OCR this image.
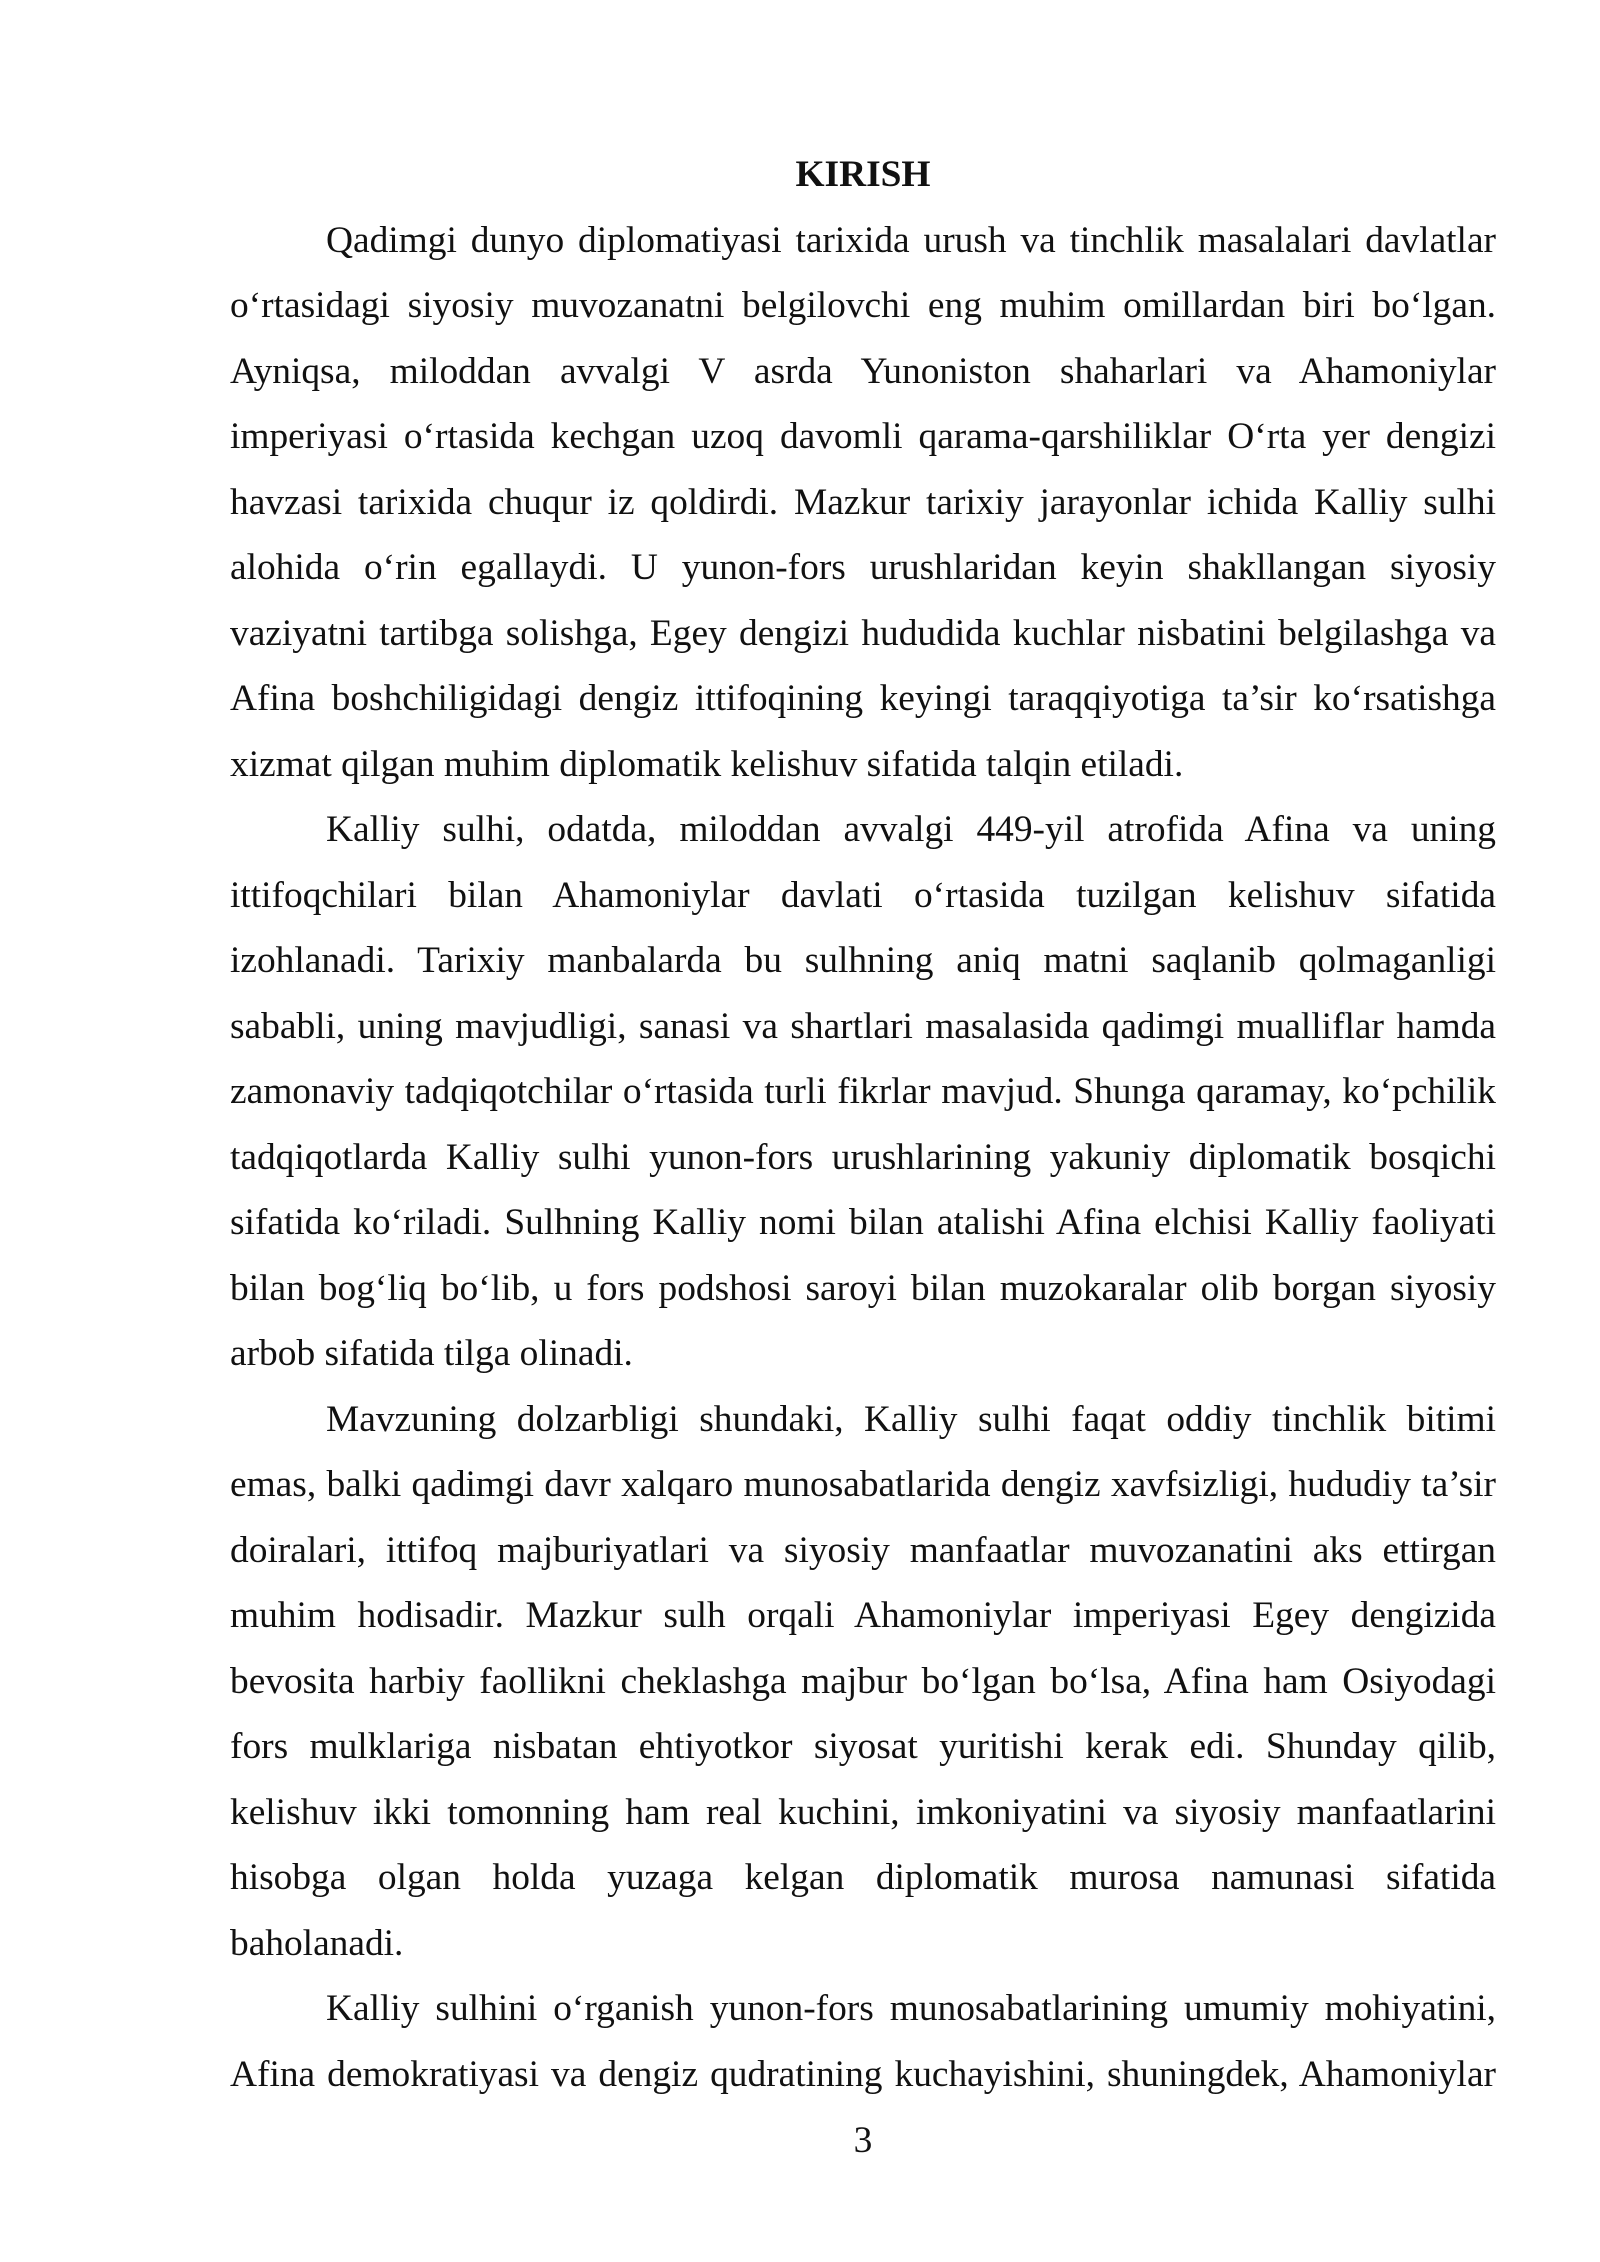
KIRISH
Qadimgi dunyo diplomatiyasi tarixida urush va tinchlik masalalari davlatlar
o‘rtasidagi siyosiy muvozanatni belgilovchi eng muhim omillardan biri bo‘lgan.
Ayniqsa, miloddan avvalgi V asrda Yunoniston shaharlari va Ahamoniylar
imperiyasi o‘rtasida kechgan uzoq davomli qarama-qarshiliklar O‘rta yer dengizi
havzasi tarixida chuqur iz qoldirdi. Mazkur tarixiy jarayonlar ichida Kalliy sulhi
alohida o‘rin egallaydi. U yunon-fors urushlaridan keyin shakllangan siyosiy
vaziyatni tartibga solishga, Egey dengizi hududida kuchlar nisbatini belgilashga va
Afina boshchiligidagi dengiz ittifoqining keyingi taraqqiyotiga ta’sir ko‘rsatishga
xizmat qilgan muhim diplomatik kelishuv sifatida talqin etiladi.
Kalliy sulhi, odatda, miloddan avvalgi 449-yil atrofida Afina va uning
ittifoqchilari bilan Ahamoniylar davlati o‘rtasida tuzilgan kelishuv sifatida
izohlanadi. Tarixiy manbalarda bu sulhning aniq matni saqlanib qolmaganligi
sababli, uning mavjudligi, sanasi va shartlari masalasida qadimgi mualliflar hamda
zamonaviy tadqiqotchilar o‘rtasida turli fikrlar mavjud. Shunga qaramay, ko‘pchilik
tadqiqotlarda Kalliy sulhi yunon-fors urushlarining yakuniy diplomatik bosqichi
sifatida ko‘riladi. Sulhning Kalliy nomi bilan atalishi Afina elchisi Kalliy faoliyati
bilan bog‘liq bo‘lib, u fors podshosi saroyi bilan muzokaralar olib borgan siyosiy
arbob sifatida tilga olinadi.
Mavzuning dolzarbligi shundaki, Kalliy sulhi faqat oddiy tinchlik bitimi
emas, balki qadimgi davr xalqaro munosabatlarida dengiz xavfsizligi, hududiy ta’sir
doiralari, ittifoq majburiyatlari va siyosiy manfaatlar muvozanatini aks ettirgan
muhim hodisadir. Mazkur sulh orqali Ahamoniylar imperiyasi Egey dengizida
bevosita harbiy faollikni cheklashga majbur bo‘lgan bo‘lsa, Afina ham Osiyodagi
fors mulklariga nisbatan ehtiyotkor siyosat yuritishi kerak edi. Shunday qilib,
kelishuv ikki tomonning ham real kuchini, imkoniyatini va siyosiy manfaatlarini
hisobga olgan holda yuzaga kelgan diplomatik murosa namunasi sifatida
baholanadi.
Kalliy sulhini o‘rganish yunon-fors munosabatlarining umumiy mohiyatini,
Afina demokratiyasi va dengiz qudratining kuchayishini, shuningdek, Ahamoniylar
3
